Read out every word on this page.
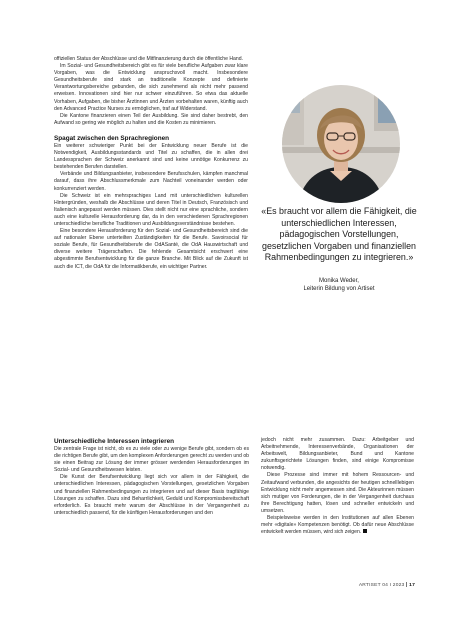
offiziellen Status der Abschlüsse und die Mitfinanzierung durch die öffentliche Hand.

Im Sozial- und Gesundheitsbereich gibt es für viele berufliche Aufgaben zwar klare Vorgaben, was die Entwicklung anspruchsvoll macht. Insbesondere Gesundheitsberufe sind stark an traditionelle Konzepte und definierte Verantwortungsbereiche gebunden, die sich zunehmend als nicht mehr passend erweisen. Innovationen sind hier nur schwer einzuführen. So etwa das aktuelle Vorhaben, Aufgaben, die bisher Ärztinnen und Ärzten vorbehalten waren, künftig auch den Advanced Practice Nurses zu ermöglichen, traf auf Widerstand.

Die Kantone finanzieren einen Teil der Ausbildung. Sie sind daher bestrebt, den Aufwand so gering wie möglich zu halten und die Kosten zu minimieren.

Spagat zwischen den Sprachregionen

Ein weiterer schwieriger Punkt bei der Entwicklung neuer Berufe ist die Notwendigkeit, Ausbildungsstandards und Titel zu schaffen, die in allen drei Landessprachen der Schweiz anerkannt sind und keine unnötige Konkurrenz zu bestehenden Berufen darstellen.

Verbände und Bildungsanbieter, insbesondere Berufsschulen, kämpfen manchmal darauf, dass ihre Abschlussmerkmale zum Nachteil voneinander werden oder konkurrenziert werden.

Die Schweiz ist ein mehrsprachiges Land mit unterschiedlichen kulturellen Hintergründen, weshalb die Abschlüsse und deren Titel in Deutsch, Französisch und Italienisch angepasst werden müssen. Dies stellt nicht nur eine sprachliche, sondern auch eine kulturelle Herausforderung dar, da in den verschiedenen Sprachregionen unterschiedliche berufliche Traditionen und Ausbildungsverständnisse bestehen.

Eine besondere Herausforderung für den Sozial- und Gesundheitsbereich sind die auf nationaler Ebene unterteilten Zuständigkeiten für die Berufe. Savoirsocial für soziale Berufe, für Gesundheitsberufe die OdASanté, die OdA Hauswirtschaft und diverse weitere Trägerschaften. Die fehlende Gesamtsicht erschwert eine abgestimmte Berufsentwicklung für die ganze Branche. Mit Blick auf die Zukunft ist auch die ICT, die OdA für die Informatikberufe, ein wichtiger Partner.

«Es braucht vor allem die Fähigkeit, die unterschiedlichen Interessen, pädagogischen Vorstellungen, gesetzlichen Vorgaben und finanziellen Rahmenbedingungen zu integrieren.»
Monika Weder,
Leiterin Bildung von Artiset
Unterschiedliche Interessen integrieren

Die zentrale Frage ist nicht, ob es zu viele oder zu wenige Berufe gibt, sondern ob es die richtigen Berufe gibt, um den komplexen Anforderungen gerecht zu werden und ob sie einen Beitrag zur Lösung der immer grösser werdenden Herausforderungen im Sozial- und Gesundheitswesen leisten.

Die Kunst der Berufsentwicklung liegt sich vor allem in der Fähigkeit, die unterschiedlichen Interessen, pädagogischen Vorstellungen, gesetzlichen Vorgaben und finanziellen Rahmenbedingungen zu integrieren und auf dieser Basis tragfähige Lösungen zu schaffen. Dazu sind Beharrlichkeit, Geduld und Kompromissbereitschaft erforderlich. Es braucht mehr warum der Abschlüsse in der Vergangenheit zu unterschiedlich passend, für die künftigen Herausforderungen und den

jedoch nicht mehr zusammen. Dazu: Arbeitgeber und Arbeitnehmende, Interessenverbände, Organisationen der Arbeitswelt, Bildungsanbieter, Bund und Kantone zukunftsgerichtete Lösungen finden, sind einige Kompromisse notwendig.

Diese Prozesse sind immer mit hohem Ressourcen- und Zeitaufwand verbunden, die angesichts der heutigen schnelllebigen Entwicklung nicht mehr angemessen sind. Die Akteurinnen müssen sich mutiger von Forderungen, die in der Vergangenheit durchaus ihre Berechtigung hatten, lösen und schneller entwickeln und umsetzen.

Beispielsweise werden in den Institutionen auf allen Ebenen mehr «digitale» Kompetenzen benötigt. Ob dafür neue Abschlüsse entwickelt werden müssen, wird sich zeigen.

ARTISET 04 I 2023 17
